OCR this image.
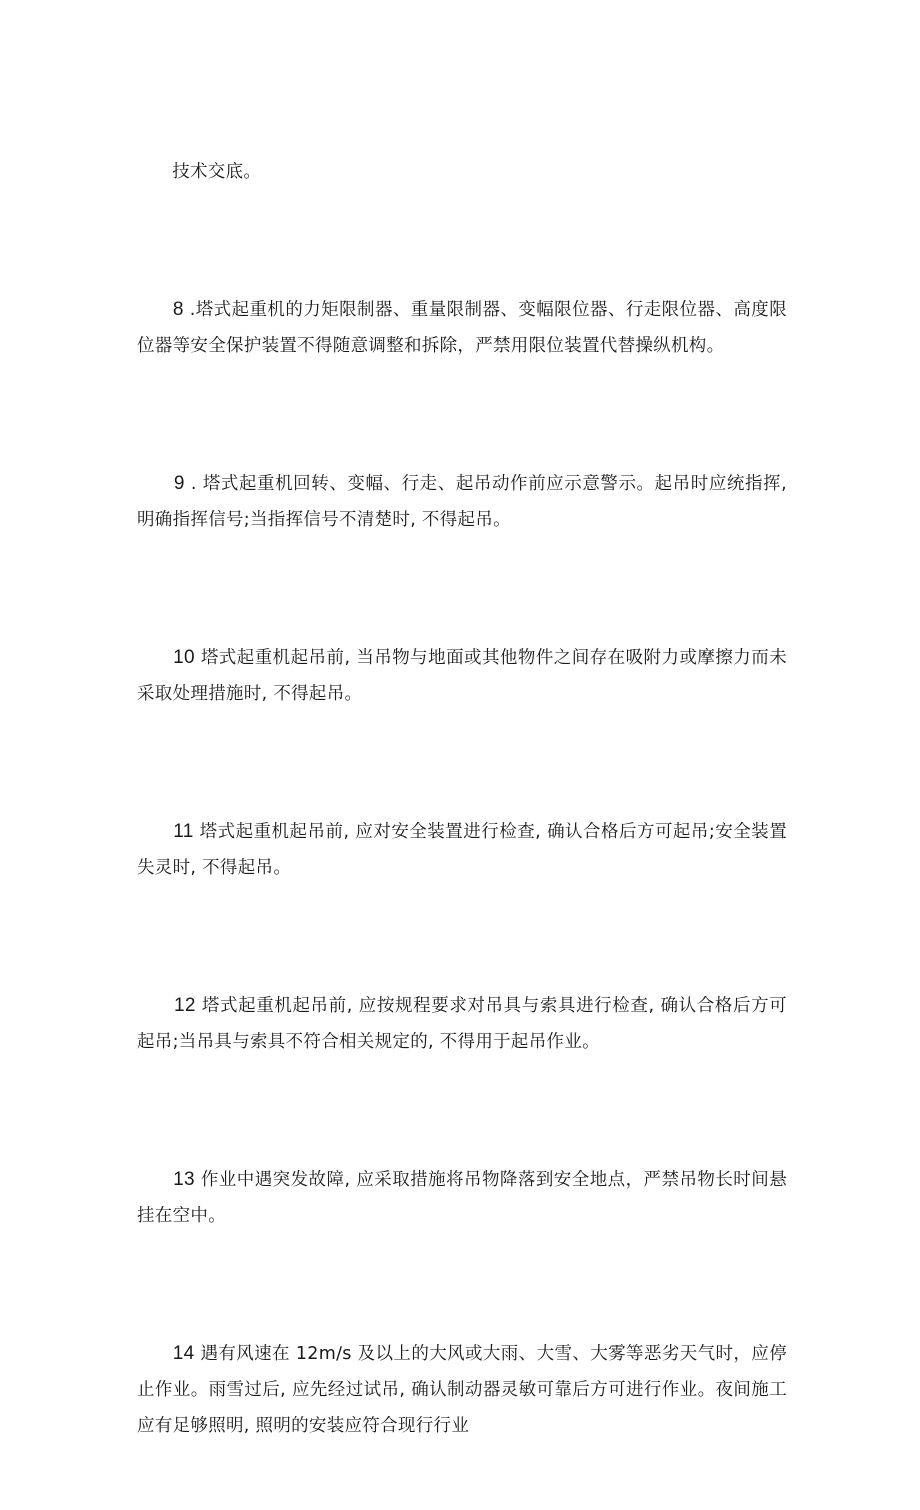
技术交底。

8 .塔式起重机的力矩限制器、重量限制器、变幅限位器、行走限位器、高度限位器等安全保护装置不得随意调整和拆除，严禁用限位装置代替操纵机构。

9 . 塔式起重机回转、变幅、行走、起吊动作前应示意警示。起吊时应统指挥, 明确指挥信号;当指挥信号不清楚时, 不得起吊。

10 塔式起重机起吊前, 当吊物与地面或其他物件之间存在吸附力或摩擦力而未采取处理措施时, 不得起吊。

11 塔式起重机起吊前, 应对安全装置进行检查, 确认合格后方可起吊;安全装置失灵时, 不得起吊。

12 塔式起重机起吊前, 应按规程要求对吊具与索具进行检查, 确认合格后方可起吊;当吊具与索具不符合相关规定的, 不得用于起吊作业。

13 作业中遇突发故障, 应采取措施将吊物降落到安全地点，严禁吊物长时间悬挂在空中。

14 遇有风速在 12m∕s 及以上的大风或大雨、大雪、大雾等恶劣天气时，应停止作业。雨雪过后, 应先经过试吊, 确认制动器灵敏可靠后方可进行作业。夜间施工应有足够照明, 照明的安装应符合现行行业
